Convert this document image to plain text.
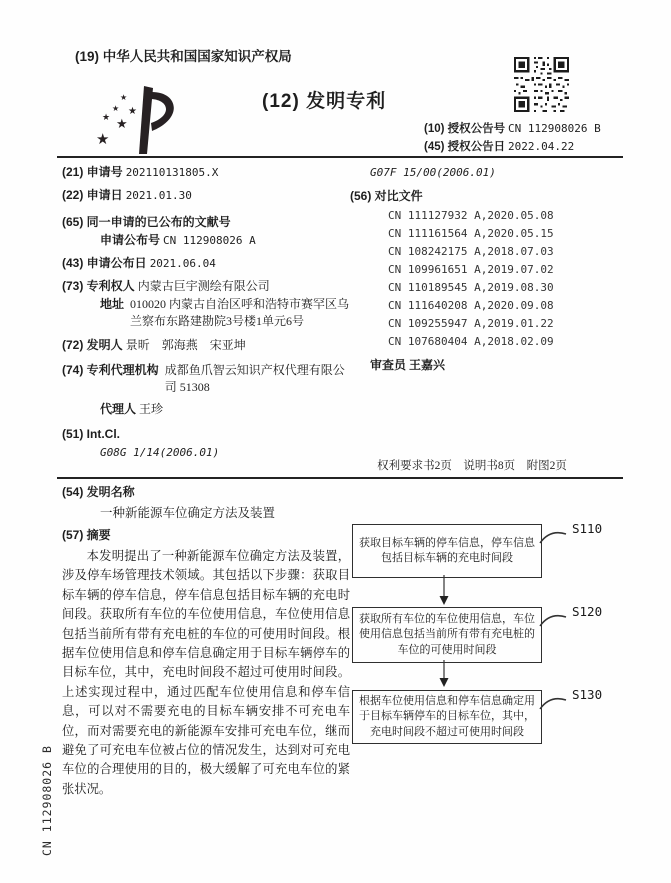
(19) 中华人民共和国国家知识产权局
★
★
★
★
★
★
(12) 发明专利
(10) 授权公告号 CN 112908026 B
(45) 授权公告日 2022.04.22
(21) 申请号 202110131805.X
(22) 申请日 2021.01.30
(65) 同一申请的已公布的文献号
申请公布号 CN 112908026 A
(43) 申请公布日 2021.06.04
(73) 专利权人 内蒙古巨宇测绘有限公司
地址 010020 内蒙古自治区呼和浩特市赛罕区乌兰察布东路建勘院3号楼1单元6号
(72) 发明人 景昕　郭海燕　宋亚坤
(74) 专利代理机构 成都鱼爪智云知识产权代理有限公司 51308
代理人 王珍
(51) Int.Cl.
G08G 1/14(2006.01)
G07F 15/00(2006.01)
(56) 对比文件
CN 111127932 A,2020.05.08
CN 111161564 A,2020.05.15
CN 108242175 A,2018.07.03
CN 109961651 A,2019.07.02
CN 110189545 A,2019.08.30
CN 111640208 A,2020.09.08
CN 109255947 A,2019.01.22
CN 107680404 A,2018.02.09
审查员 王嘉兴
权利要求书2页　说明书8页　附图2页
(54) 发明名称
一种新能源车位确定方法及装置
(57) 摘要
本发明提出了一种新能源车位确定方法及装置，涉及停车场管理技术领域。其包括以下步骤：获取目标车辆的停车信息，停车信息包括目标车辆的充电时间段。获取所有车位的车位使用信息，车位使用信息包括当前所有带有充电桩的车位的可使用时间段。根据车位使用信息和停车信息确定用于目标车辆停车的目标车位，其中，充电时间段不超过可使用时间段。上述实现过程中，通过匹配车位使用信息和停车信息，可以对不需要充电的目标车辆安排不可充电车位，而对需要充电的新能源车安排可充电车位，继而避免了可充电车位被占位的情况发生，达到对可充电车位的合理使用的目的，极大缓解了可充电车位的紧张状况。
获取目标车辆的停车信息，停车信息包括目标车辆的充电时间段
S110
获取所有车位的车位使用信息，车位使用信息包括当前所有带有充电桩的车位的可使用时间段
S120
根据车位使用信息和停车信息确定用于目标车辆停车的目标车位，其中，充电时间段不超过可使用时间段
S130
CN 112908026 B
